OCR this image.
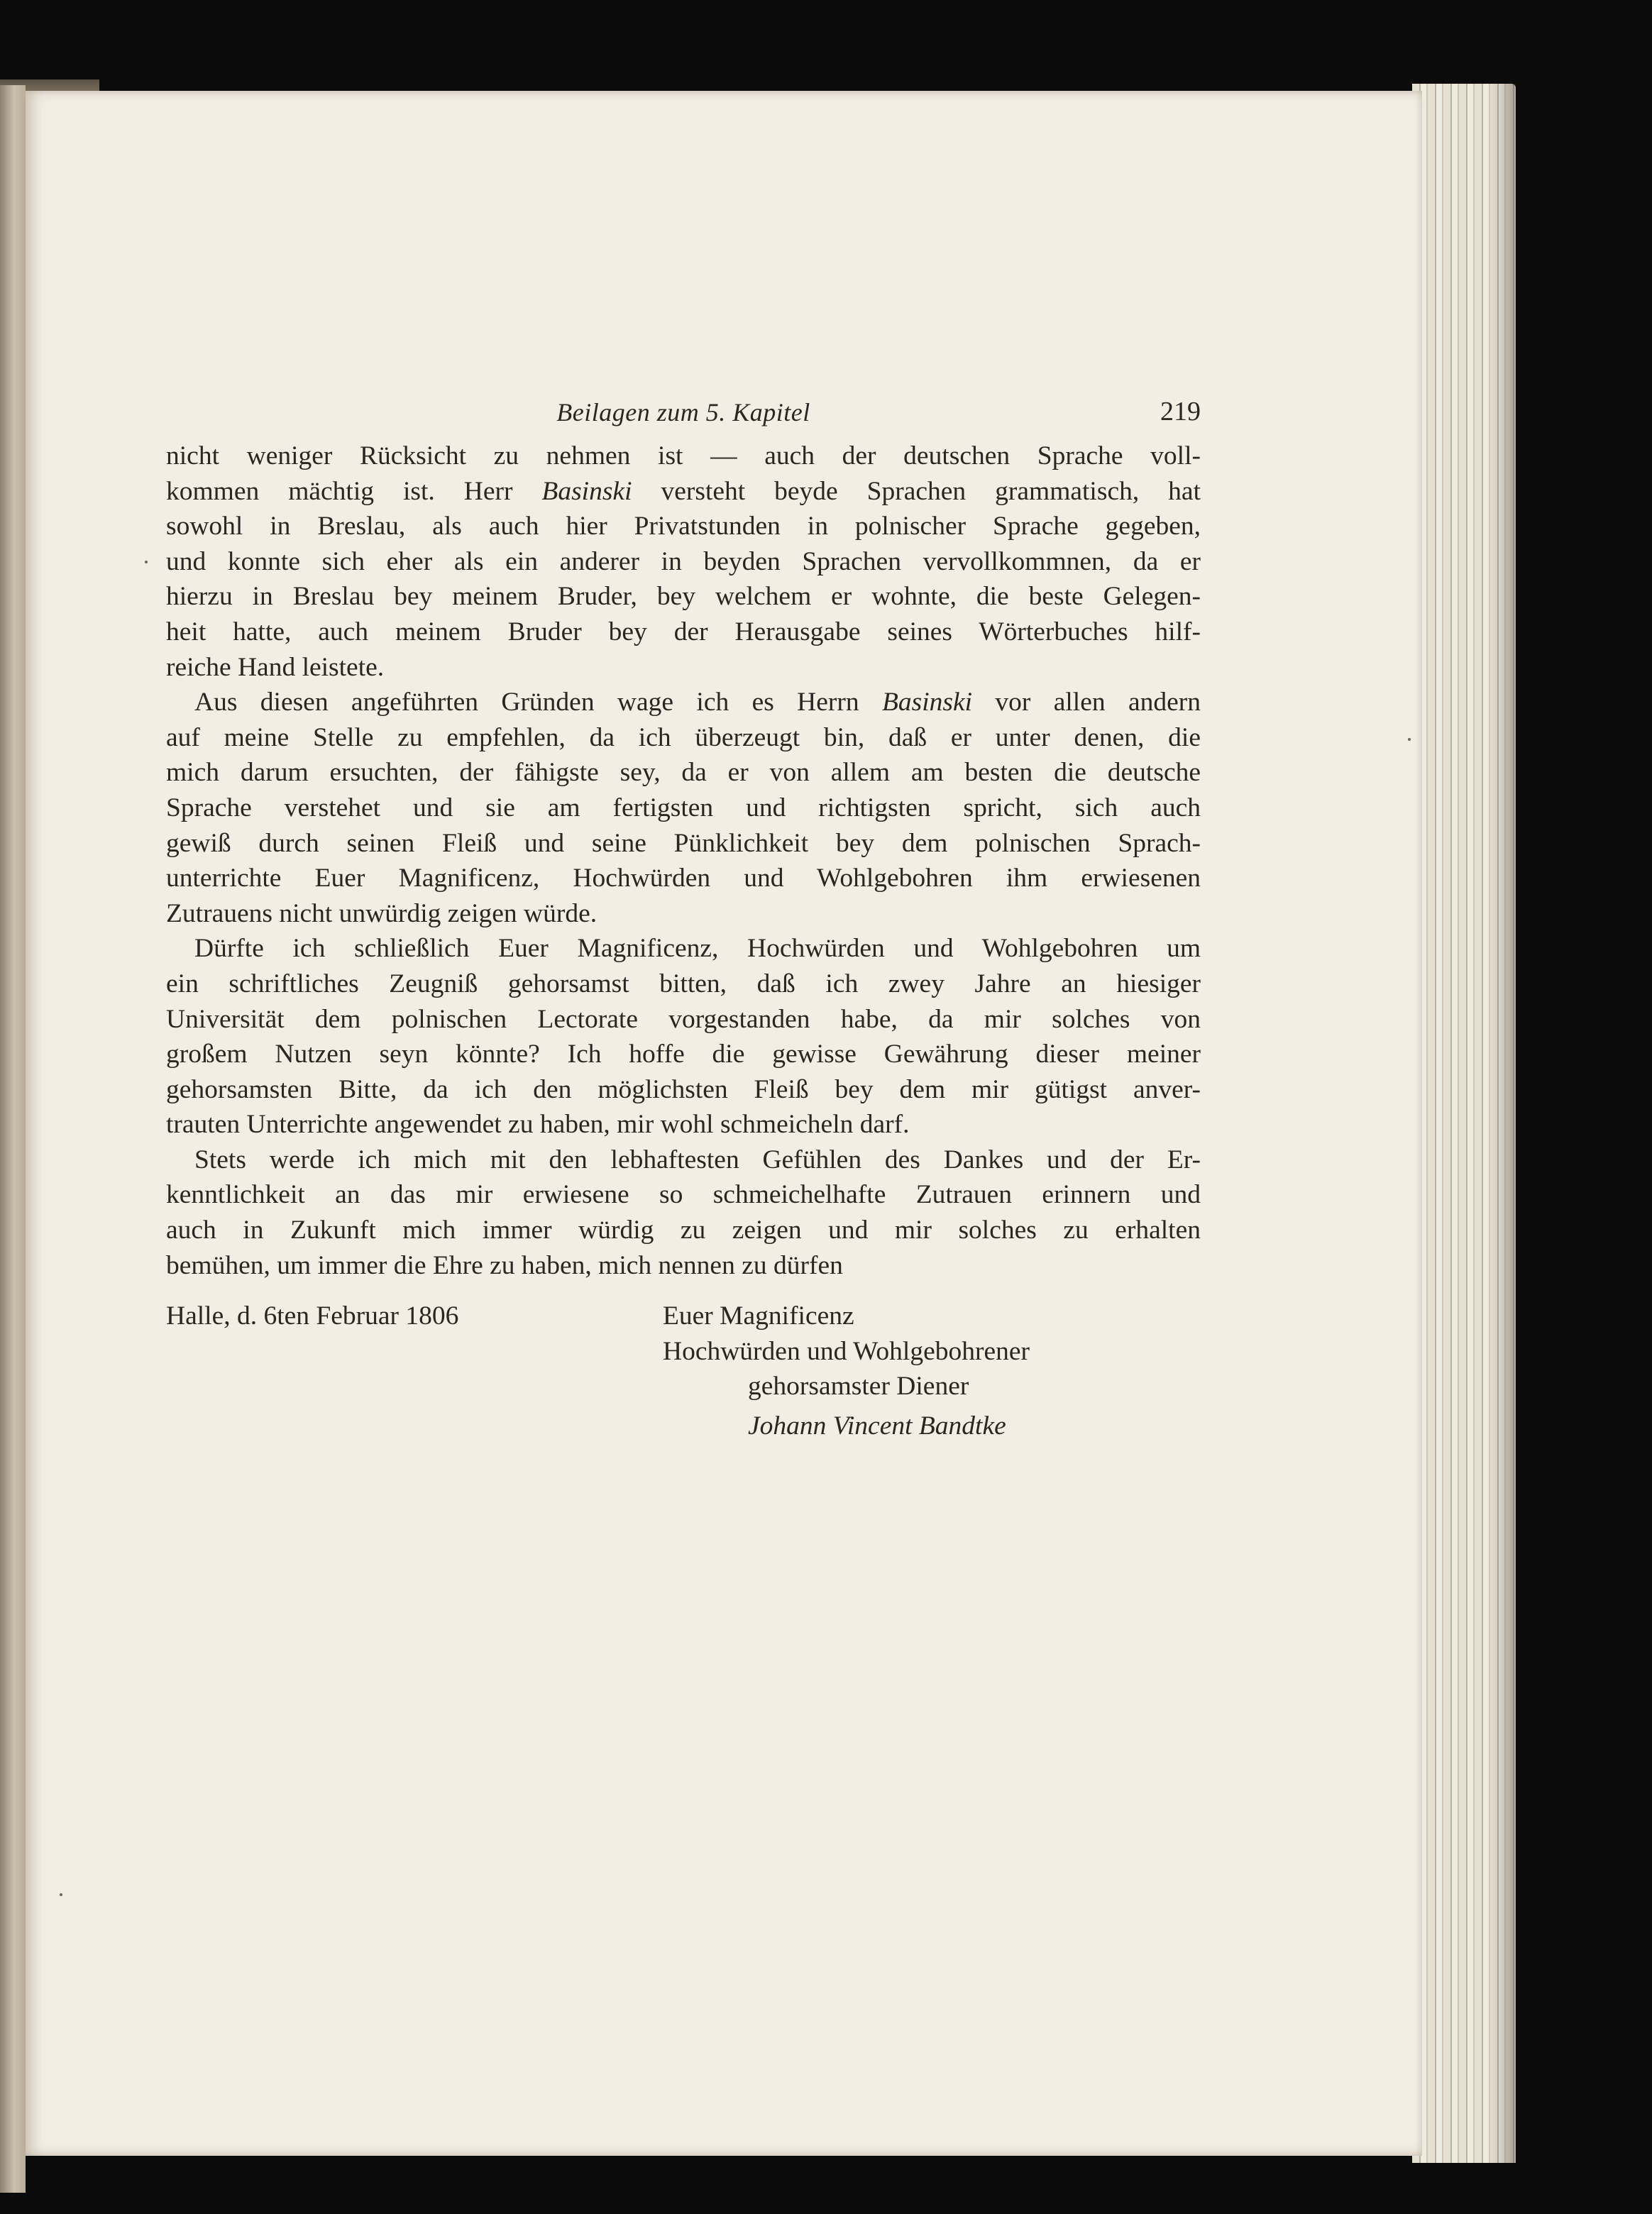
Beilagen zum 5. Kapitel	219

nicht weniger Rücksicht zu nehmen ist — auch der deutschen Sprache voll-
kommen mächtig ist. Herr Basinski versteht beyde Sprachen grammatisch, hat
sowohl in Breslau, als auch hier Privatstunden in polnischer Sprache gegeben,
und konnte sich eher als ein anderer in beyden Sprachen vervollkommnen, da er
hierzu in Breslau bey meinem Bruder, bey welchem er wohnte, die beste Gelegen-
heit hatte, auch meinem Bruder bey der Herausgabe seines Wörterbuches hilf-
reiche Hand leistete.

Aus diesen angeführten Gründen wage ich es Herrn Basinski vor allen andern
auf meine Stelle zu empfehlen, da ich überzeugt bin, daß er unter denen, die
mich darum ersuchten, der fähigste sey, da er von allem am besten die deutsche
Sprache verstehet und sie am fertigsten und richtigsten spricht, sich auch
gewiß durch seinen Fleiß und seine Pünklichkeit bey dem polnischen Sprach-
unterrichte Euer Magnificenz, Hochwürden und Wohlgebohren ihm erwiesenen
Zutrauens nicht unwürdig zeigen würde.

Dürfte ich schließlich Euer Magnificenz, Hochwürden und Wohlgebohren um
ein schriftliches Zeugniß gehorsamst bitten, daß ich zwey Jahre an hiesiger
Universität dem polnischen Lectorate vorgestanden habe, da mir solches von
großem Nutzen seyn könnte? Ich hoffe die gewisse Gewährung dieser meiner
gehorsamsten Bitte, da ich den möglichsten Fleiß bey dem mir gütigst anver-
trauten Unterrichte angewendet zu haben, mir wohl schmeicheln darf.

Stets werde ich mich mit den lebhaftesten Gefühlen des Dankes und der Er-
kenntlichkeit an das mir erwiesene so schmeichelhafte Zutrauen erinnern und
auch in Zukunft mich immer würdig zu zeigen und mir solches zu erhalten
bemühen, um immer die Ehre zu haben, mich nennen zu dürfen

Halle, d. 6ten Februar 1806	Euer Magnificenz
Hochwürden und Wohlgebohrener
gehorsamster Diener
Johann Vincent Bandtke
